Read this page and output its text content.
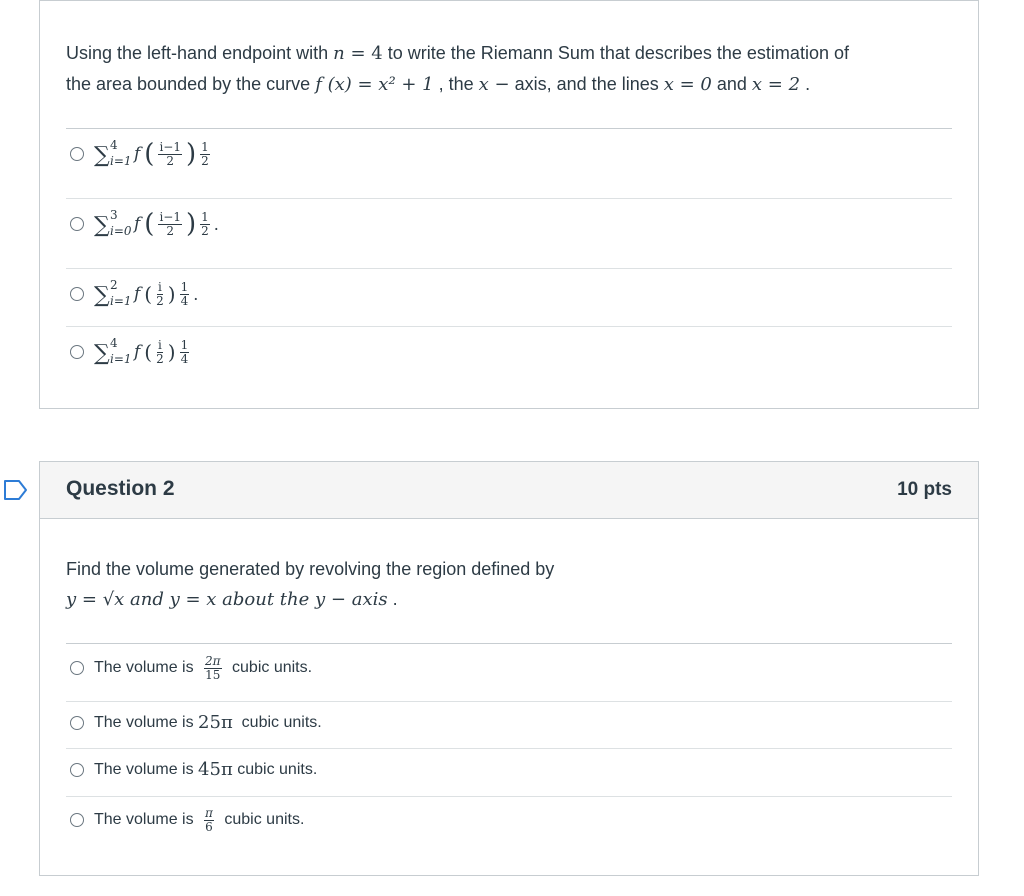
Using the left-hand endpoint with n = 4 to write the Riemann Sum that describes the estimation of
the area bounded by the curve f (x) = x² + 1 , the x − axis, and the lines x = 0 and x = 2 .
∑ 4
i=1 f ( $\frac{i-1}{2}$ ) $\frac{1}{2}$
∑ 3
i=0 f ( $\frac{i-1}{2}$ ) $\frac{1}{2}$ .
∑ 2
i=1 f ( $\frac{i}{2}$ ) $\frac{1}{4}$ .
∑ 4
i=1 f ( $\frac{i}{2}$ ) $\frac{1}{4}$
Question 2	10 pts
Find the volume generated by revolving the region defined by
y = √x and y = x about the y − axis .
The volume is $\frac{2\pi}{15}$ cubic units.
The volume is 25π cubic units.
The volume is 45π cubic units.
The volume is $\frac{\pi}{6}$ cubic units.
